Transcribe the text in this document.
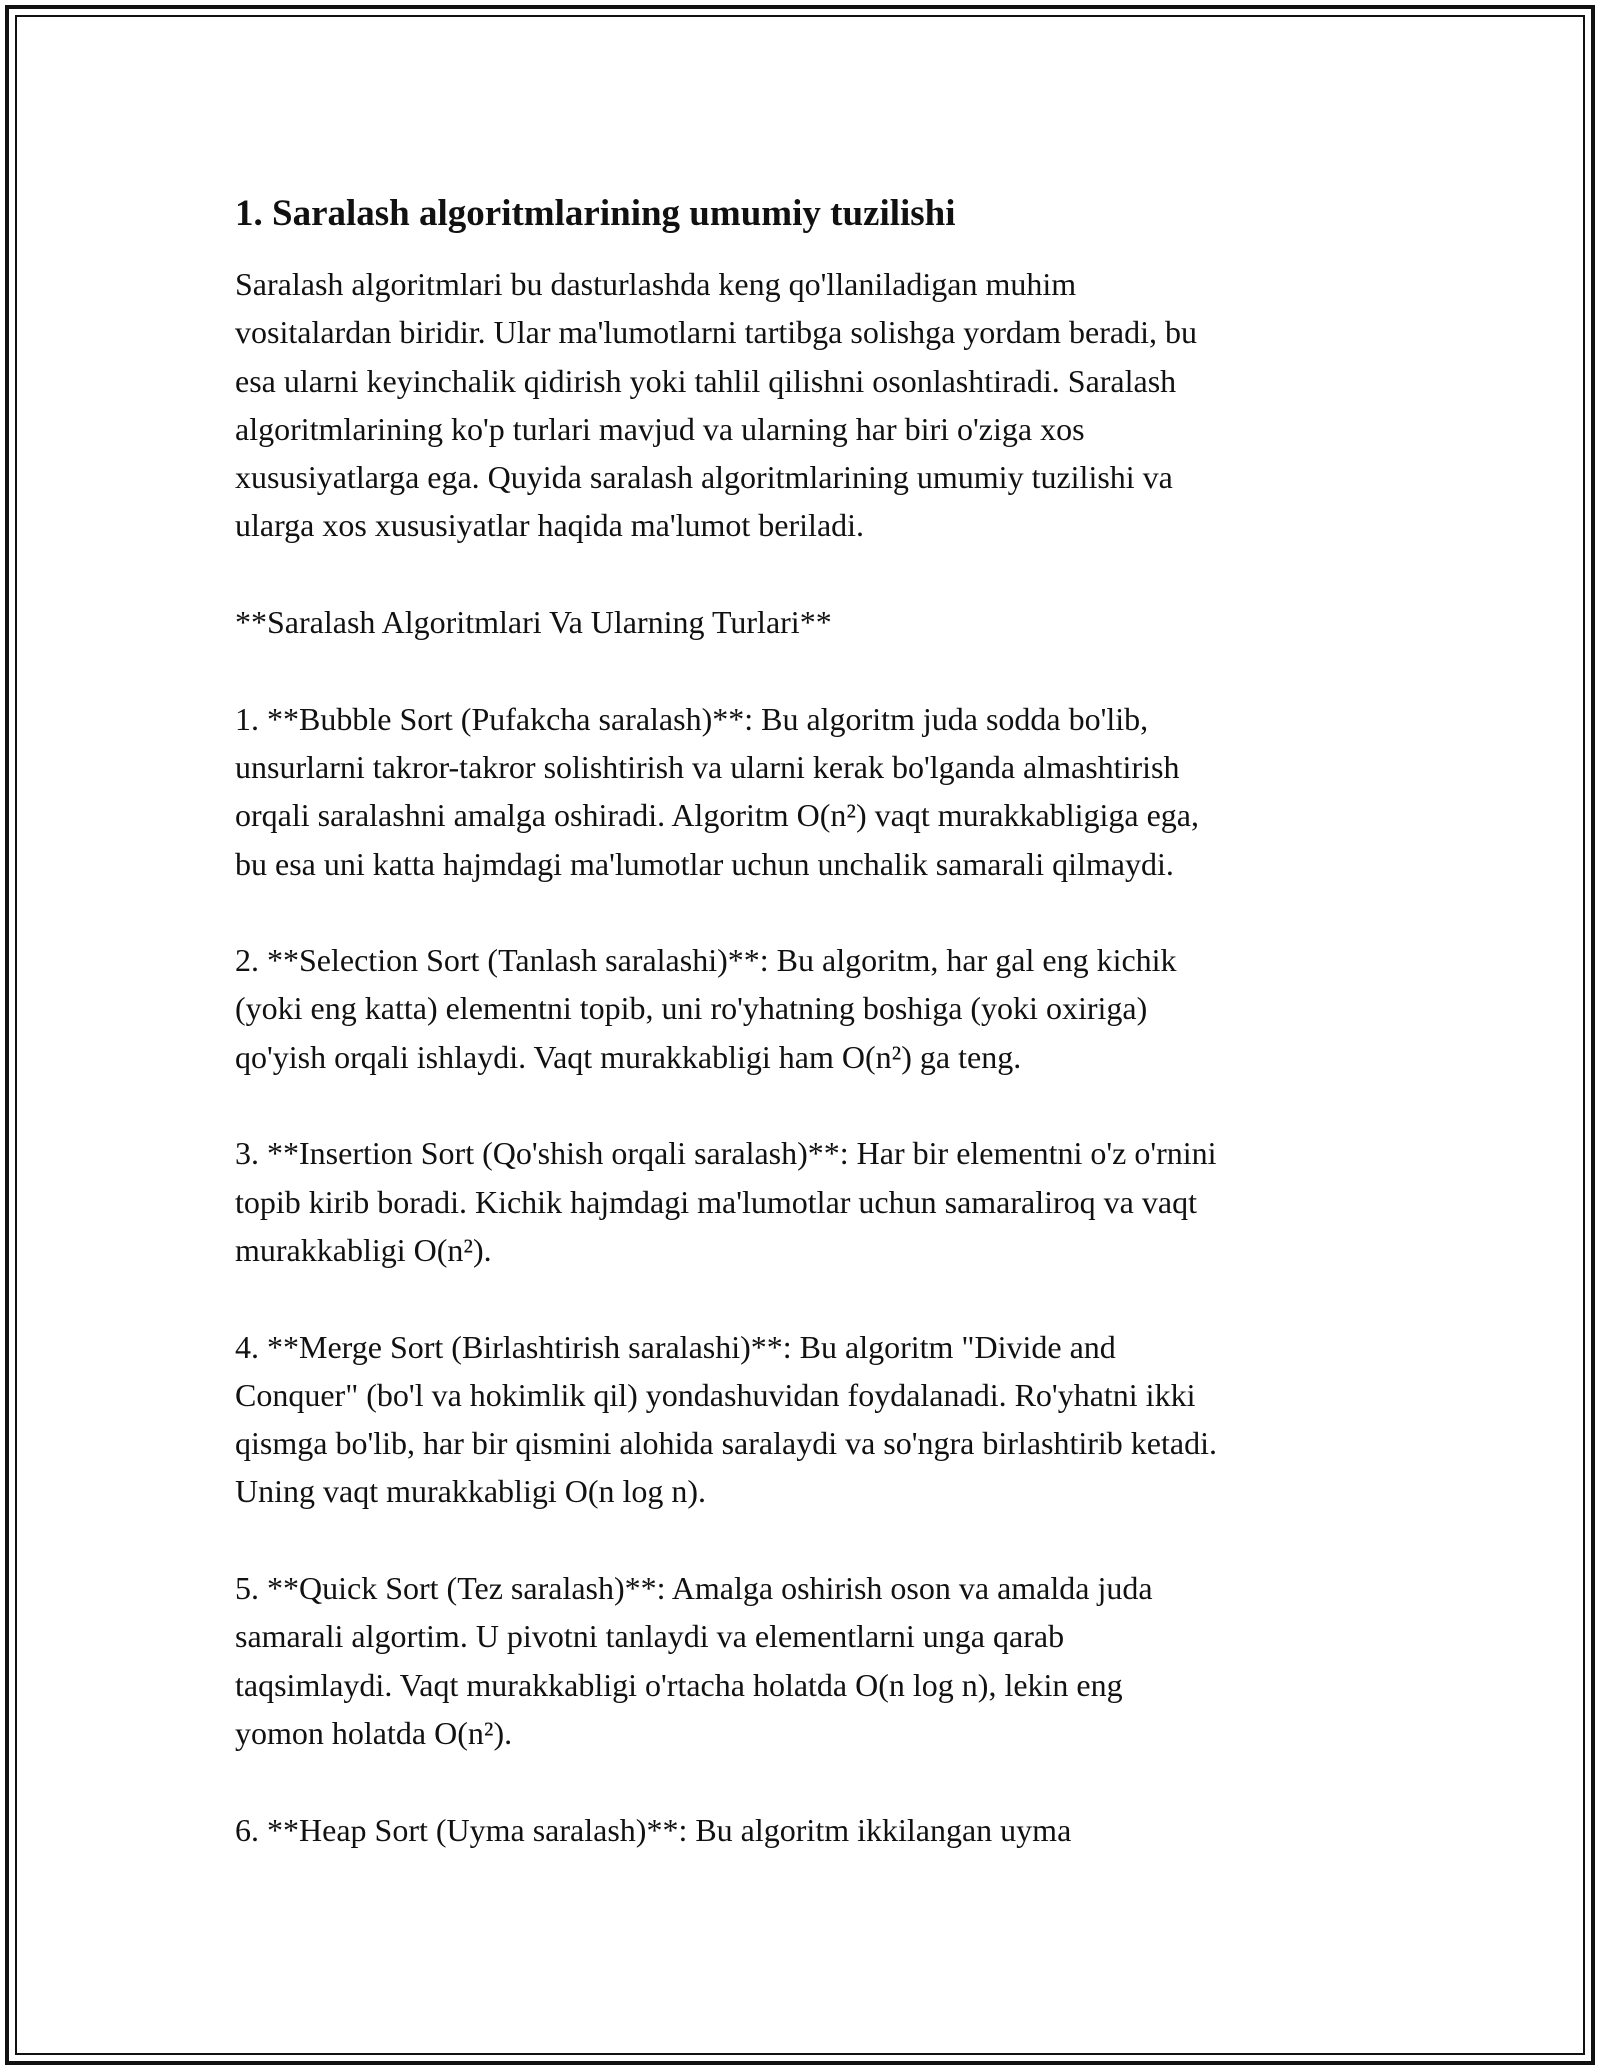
1. Saralash algoritmlarining umumiy tuzilishi
Saralash algoritmlari bu dasturlashda keng qo'llaniladigan muhim
vositalardan biridir. Ular ma'lumotlarni tartibga solishga yordam beradi, bu
esa ularni keyinchalik qidirish yoki tahlil qilishni osonlashtiradi. Saralash
algoritmlarining ko'p turlari mavjud va ularning har biri o'ziga xos
xususiyatlarga ega. Quyida saralash algoritmlarining umumiy tuzilishi va
ularga xos xususiyatlar haqida ma'lumot beriladi.
**Saralash Algoritmlari Va Ularning Turlari**
1. **Bubble Sort (Pufakcha saralash)**: Bu algoritm juda sodda bo'lib,
unsurlarni takror-takror solishtirish va ularni kerak bo'lganda almashtirish
orqali saralashni amalga oshiradi. Algoritm O(n²) vaqt murakkabligiga ega,
bu esa uni katta hajmdagi ma'lumotlar uchun unchalik samarali qilmaydi.
2. **Selection Sort (Tanlash saralashi)**: Bu algoritm, har gal eng kichik
(yoki eng katta) elementni topib, uni ro'yhatning boshiga (yoki oxiriga)
qo'yish orqali ishlaydi. Vaqt murakkabligi ham O(n²) ga teng.
3. **Insertion Sort (Qo'shish orqali saralash)**: Har bir elementni o'z o'rnini
topib kirib boradi. Kichik hajmdagi ma'lumotlar uchun samaraliroq va vaqt
murakkabligi O(n²).
4. **Merge Sort (Birlashtirish saralashi)**: Bu algoritm "Divide and
Conquer" (bo'l va hokimlik qil) yondashuvidan foydalanadi. Ro'yhatni ikki
qismga bo'lib, har bir qismini alohida saralaydi va so'ngra birlashtirib ketadi.
Uning vaqt murakkabligi O(n log n).
5. **Quick Sort (Tez saralash)**: Amalga oshirish oson va amalda juda
samarali algortim. U pivotni tanlaydi va elementlarni unga qarab
taqsimlaydi. Vaqt murakkabligi o'rtacha holatda O(n log n), lekin eng
yomon holatda O(n²).
6. **Heap Sort (Uyma saralash)**: Bu algoritm ikkilangan uyma
